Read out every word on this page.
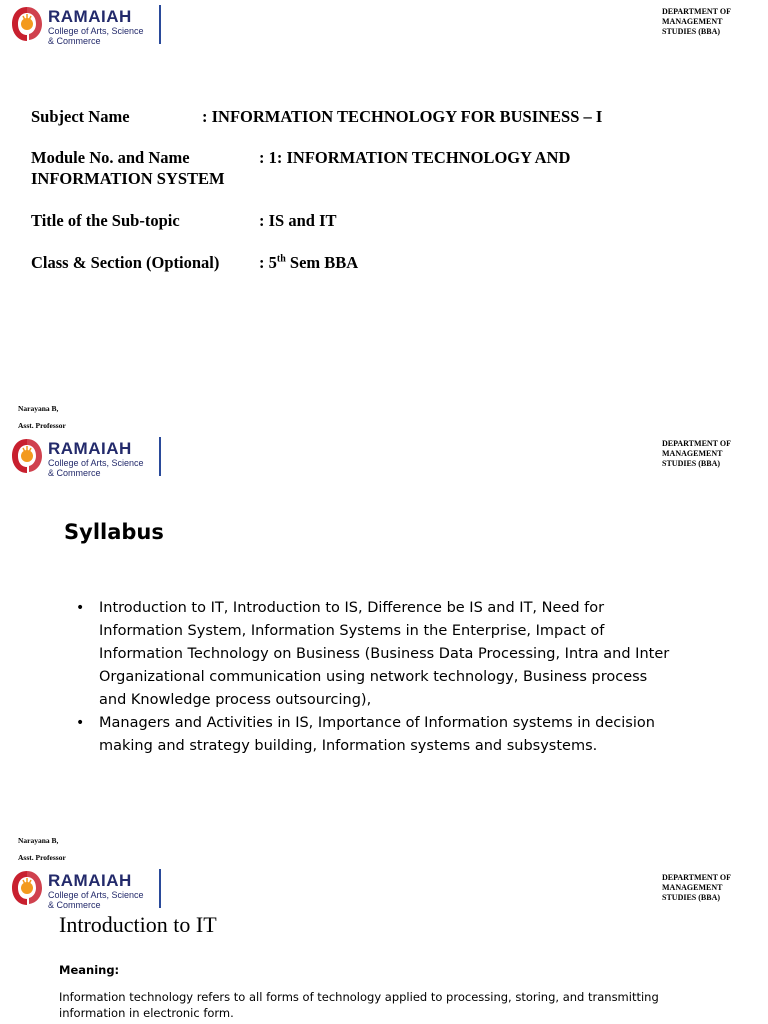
RAMAIAH
College of Arts, Science
& Commerce
DEPARTMENT OF
MANAGEMENT
STUDIES (BBA)
Subject Name	: INFORMATION TECHNOLOGY FOR BUSINESS – I
Module No. and Name	: 1: INFORMATION TECHNOLOGY AND
INFORMATION SYSTEM
Title of the Sub-topic	: IS and IT
Class & Section (Optional) : 5th Sem BBA
Narayana B,
Asst. Professor
RAMAIAH
College of Arts, Science
& Commerce
DEPARTMENT OF
MANAGEMENT
STUDIES (BBA)
Syllabus
• Introduction to IT, Introduction to IS, Difference be IS and IT, Need for Information System, Information Systems in the Enterprise, Impact of Information Technology on Business (Business Data Processing, Intra and Inter Organizational communication using network technology, Business process and Knowledge process outsourcing),
• Managers and Activities in IS, Importance of Information systems in decision making and strategy building, Information systems and subsystems.
Narayana B,
Asst. Professor
RAMAIAH
College of Arts, Science
& Commerce
DEPARTMENT OF
MANAGEMENT
STUDIES (BBA)
Introduction to IT
Meaning:
Information technology refers to all forms of technology applied to processing, storing, and transmitting information in electronic form.
